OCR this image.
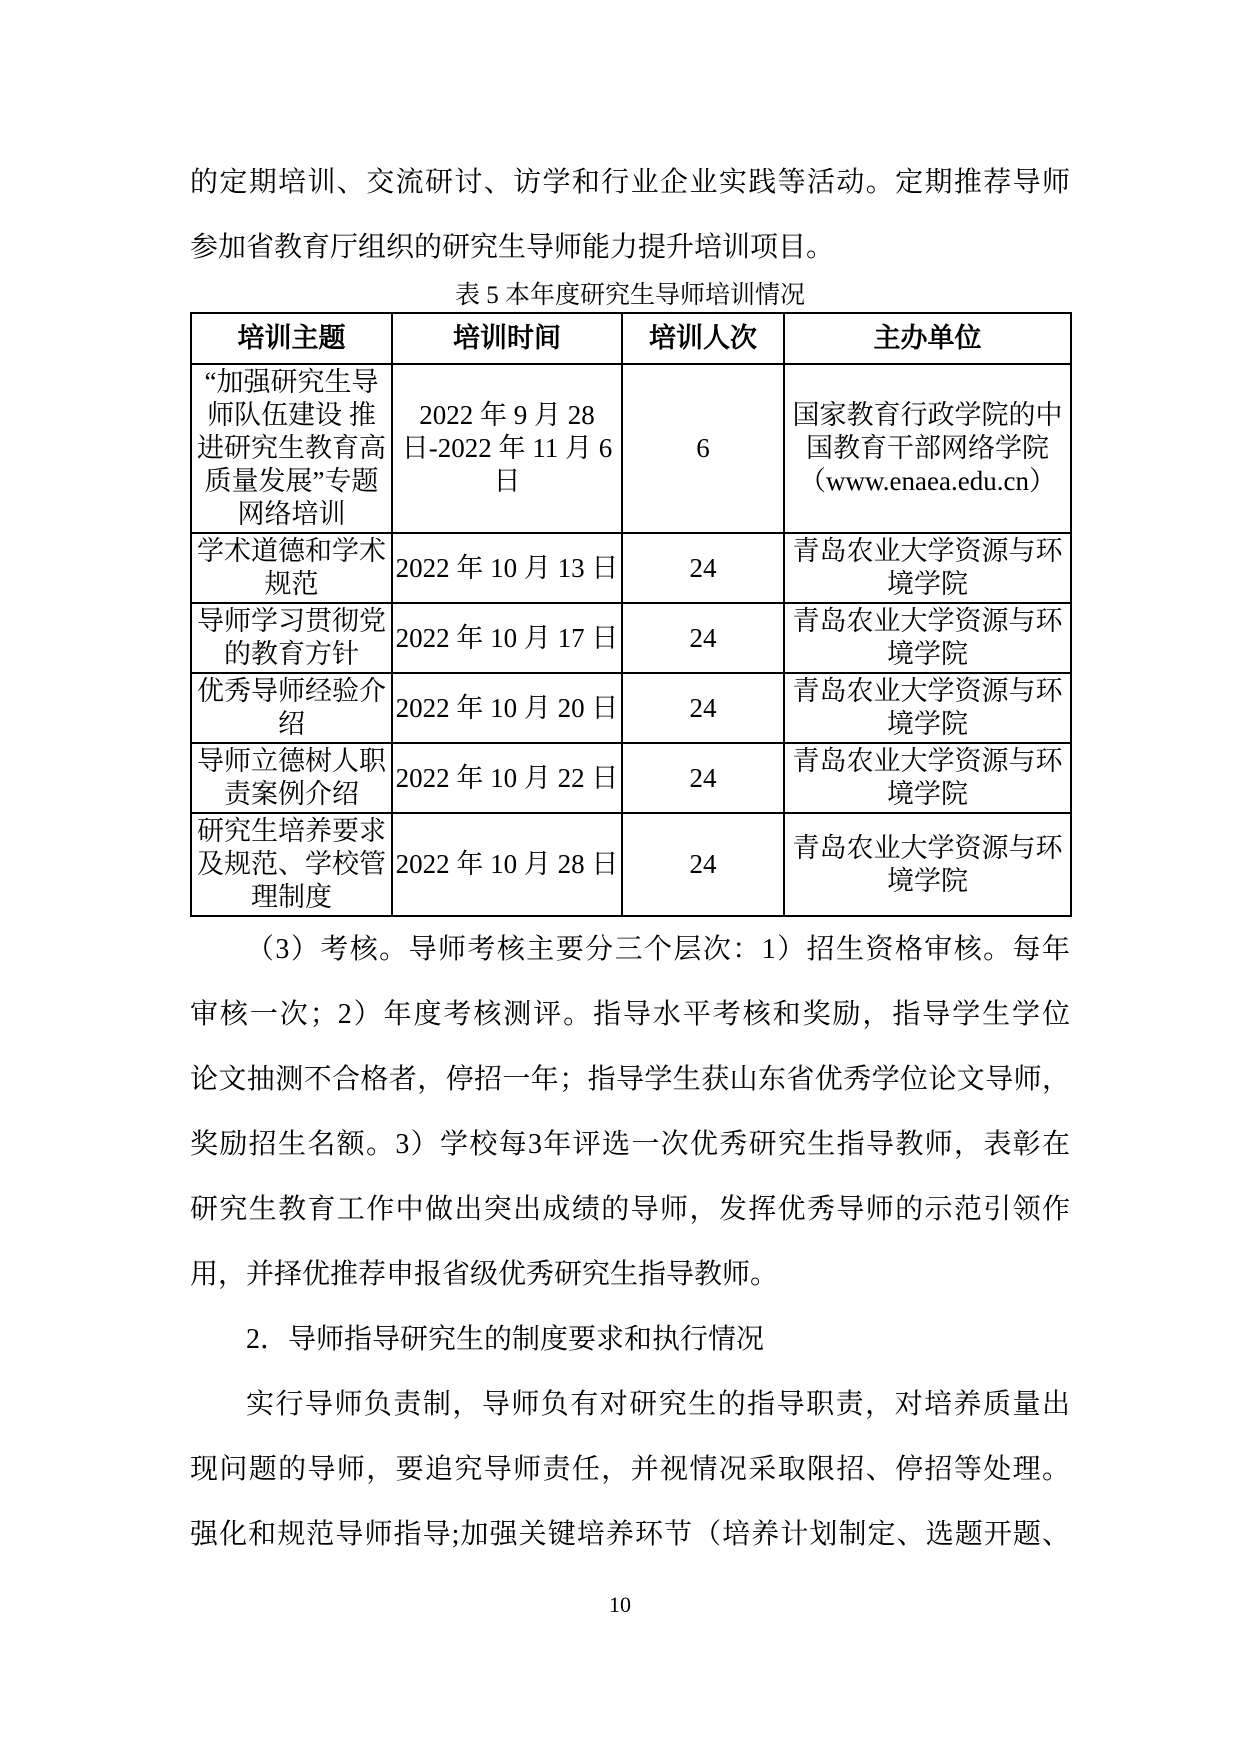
的定期培训、交流研讨、访学和行业企业实践等活动。定期推荐导师
参加省教育厅组织的研究生导师能力提升培训项目。
表 5 本年度研究生导师培训情况
培训主题	培训时间	培训人次	主办单位
“加强研究生导师队伍建设 推进研究生教育高质量发展”专题网络培训	2022 年 9 月 28 日-2022 年 11 月 6 日	6	国家教育行政学院的中国教育干部网络学院（www.enaea.edu.cn）
学术道德和学术规范	2022 年 10 月 13 日	24	青岛农业大学资源与环境学院
导师学习贯彻党的教育方针	2022 年 10 月 17 日	24	青岛农业大学资源与环境学院
优秀导师经验介绍	2022 年 10 月 20 日	24	青岛农业大学资源与环境学院
导师立德树人职责案例介绍	2022 年 10 月 22 日	24	青岛农业大学资源与环境学院
研究生培养要求及规范、学校管理制度	2022 年 10 月 28 日	24	青岛农业大学资源与环境学院
（3）考核。导师考核主要分三个层次：1）招生资格审核。每年
审核一次；2）年度考核测评。指导水平考核和奖励，指导学生学位
论文抽测不合格者，停招一年；指导学生获山东省优秀学位论文导师，
奖励招生名额。3）学校每3年评选一次优秀研究生指导教师，表彰在
研究生教育工作中做出突出成绩的导师，发挥优秀导师的示范引领作
用，并择优推荐申报省级优秀研究生指导教师。
2．导师指导研究生的制度要求和执行情况
实行导师负责制，导师负有对研究生的指导职责，对培养质量出
现问题的导师，要追究导师责任，并视情况采取限招、停招等处理。
强化和规范导师指导;加强关键培养环节（培养计划制定、选题开题、
10
